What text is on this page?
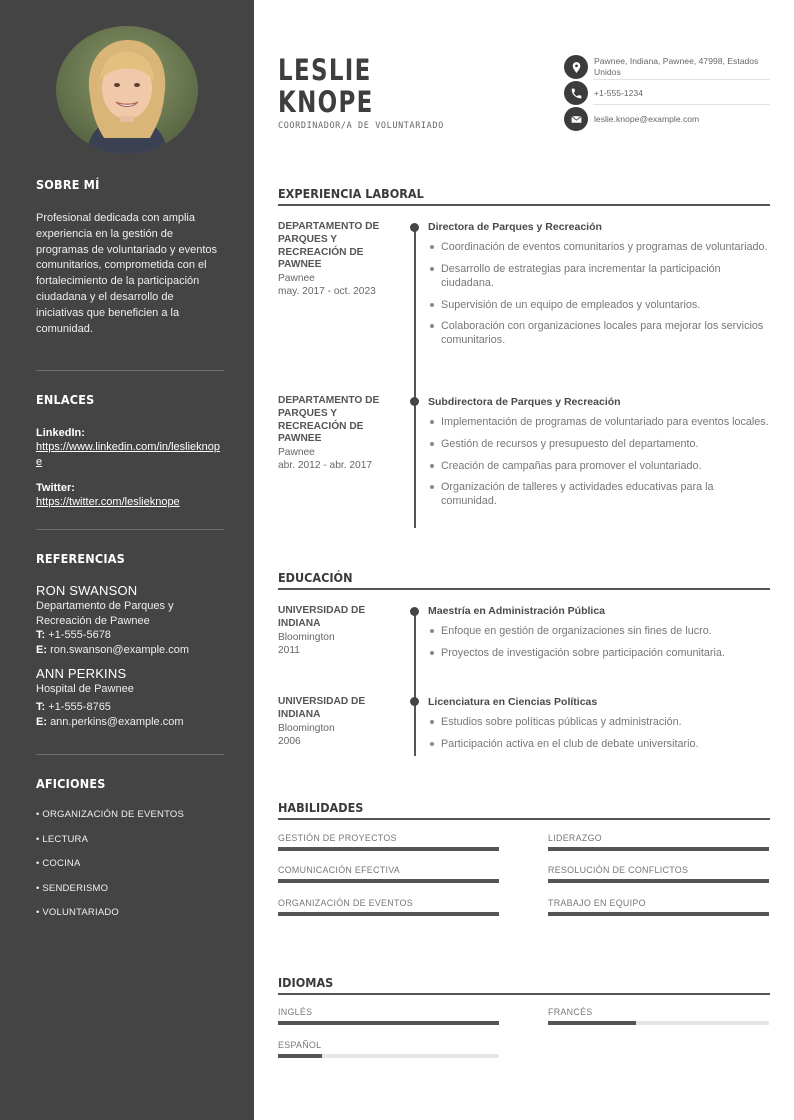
SOBRE MÍ
Profesional dedicada con amplia experiencia en la gestión de programas de voluntariado y eventos comunitarios, comprometida con el fortalecimiento de la participación ciudadana y el desarrollo de iniciativas que beneficien a la comunidad.
ENLACES
LinkedIn:
https://www.linkedin.com/in/leslieknope
Twitter:
https://twitter.com/leslieknope
REFERENCIAS
RON SWANSON
Departamento de Parques y Recreación de Pawnee
T: +1-555-5678
E: ron.swanson@example.com
ANN PERKINS
Hospital de Pawnee
T: +1-555-8765
E: ann.perkins@example.com
AFICIONES
• ORGANIZACIÓN DE EVENTOS
• LECTURA
• COCINA
• SENDERISMO
• VOLUNTARIADO
LESLIE
KNOPE
COORDINADOR/A DE VOLUNTARIADO
Pawnee, Indiana, Pawnee, 47998, Estados Unidos
+1-555-1234
leslie.knope@example.com
EXPERIENCIA LABORAL
DEPARTAMENTO DE PARQUES Y RECREACIÓN DE PAWNEE
Pawnee
may. 2017 - oct. 2023
Directora de Parques y Recreación
Coordinación de eventos comunitarios y programas de voluntariado.
Desarrollo de estrategias para incrementar la participación ciudadana.
Supervisión de un equipo de empleados y voluntarios.
Colaboración con organizaciones locales para mejorar los servicios comunitarios.
DEPARTAMENTO DE PARQUES Y RECREACIÓN DE PAWNEE
Pawnee
abr. 2012 - abr. 2017
Subdirectora de Parques y Recreación
Implementación de programas de voluntariado para eventos locales.
Gestión de recursos y presupuesto del departamento.
Creación de campañas para promover el voluntariado.
Organización de talleres y actividades educativas para la comunidad.
EDUCACIÓN
UNIVERSIDAD DE INDIANA
Bloomington
2011
Maestría en Administración Pública
Enfoque en gestión de organizaciones sin fines de lucro.
Proyectos de investigación sobre participación comunitaria.
UNIVERSIDAD DE INDIANA
Bloomington
2006
Licenciatura en Ciencias Políticas
Estudios sobre políticas públicas y administración.
Participación activa en el club de debate universitario.
HABILIDADES
GESTIÓN DE PROYECTOS	LIDERAZGO
COMUNICACIÓN EFECTIVA	RESOLUCIÓN DE CONFLICTOS
ORGANIZACIÓN DE EVENTOS	TRABAJO EN EQUIPO
IDIOMAS
INGLÉS	FRANCÉS
ESPAÑOL
